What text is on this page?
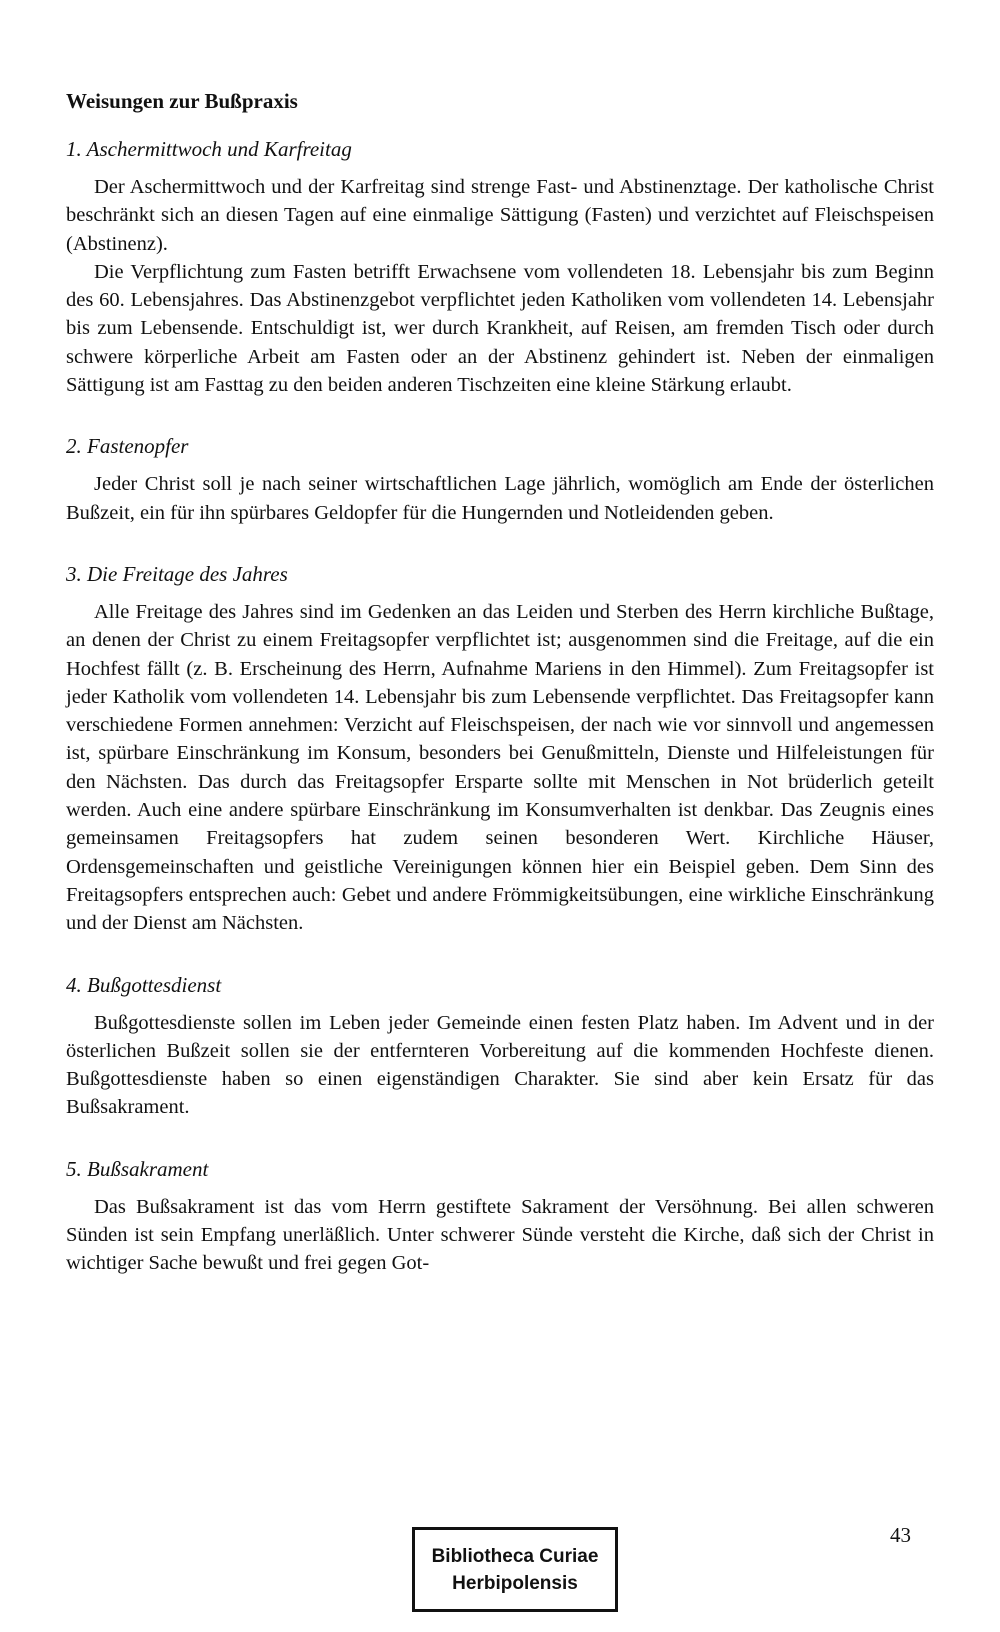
Weisungen zur Bußpraxis
1. Aschermittwoch und Karfreitag

Der Aschermittwoch und der Karfreitag sind strenge Fast- und Abstinenztage. Der katholische Christ beschränkt sich an diesen Tagen auf eine einmalige Sättigung (Fasten) und verzichtet auf Fleischspeisen (Abstinenz).

Die Verpflichtung zum Fasten betrifft Erwachsene vom vollendeten 18. Lebensjahr bis zum Beginn des 60. Lebensjahres. Das Abstinenzgebot verpflichtet jeden Katholiken vom vollendeten 14. Lebensjahr bis zum Lebensende. Entschuldigt ist, wer durch Krankheit, auf Reisen, am fremden Tisch oder durch schwere körperliche Arbeit am Fasten oder an der Abstinenz gehindert ist. Neben der einmaligen Sättigung ist am Fasttag zu den beiden anderen Tischzeiten eine kleine Stärkung erlaubt.

2. Fastenopfer

Jeder Christ soll je nach seiner wirtschaftlichen Lage jährlich, womöglich am Ende der österlichen Bußzeit, ein für ihn spürbares Geldopfer für die Hungernden und Notleidenden geben.

3. Die Freitage des Jahres

Alle Freitage des Jahres sind im Gedenken an das Leiden und Sterben des Herrn kirchliche Bußtage, an denen der Christ zu einem Freitagsopfer verpflichtet ist; ausgenommen sind die Freitage, auf die ein Hochfest fällt (z. B. Erscheinung des Herrn, Aufnahme Mariens in den Himmel). Zum Freitagsopfer ist jeder Katholik vom vollendeten 14. Lebensjahr bis zum Lebensende verpflichtet. Das Freitagsopfer kann verschiedene Formen annehmen: Verzicht auf Fleischspeisen, der nach wie vor sinnvoll und angemessen ist, spürbare Einschränkung im Konsum, besonders bei Genußmitteln, Dienste und Hilfeleistungen für den Nächsten. Das durch das Freitagsopfer Ersparte sollte mit Menschen in Not brüderlich geteilt werden. Auch eine andere spürbare Einschränkung im Konsumverhalten ist denkbar. Das Zeugnis eines gemeinsamen Freitagsopfers hat zudem seinen besonderen Wert. Kirchliche Häuser, Ordensgemeinschaften und geistliche Vereinigungen können hier ein Beispiel geben. Dem Sinn des Freitagsopfers entsprechen auch: Gebet und andere Frömmigkeitsübungen, eine wirkliche Einschränkung und der Dienst am Nächsten.

4. Bußgottesdienst

Bußgottesdienste sollen im Leben jeder Gemeinde einen festen Platz haben. Im Advent und in der österlichen Bußzeit sollen sie der entfernteren Vorbereitung auf die kommenden Hochfeste dienen. Bußgottesdienste haben so einen eigenständigen Charakter. Sie sind aber kein Ersatz für das Bußsakrament.

5. Bußsakrament

Das Bußsakrament ist das vom Herrn gestiftete Sakrament der Versöhnung. Bei allen schweren Sünden ist sein Empfang unerläßlich. Unter schwerer Sünde versteht die Kirche, daß sich der Christ in wichtiger Sache bewußt und frei gegen Got-

Bibliotheca Curiae
Herbipolensis
43
